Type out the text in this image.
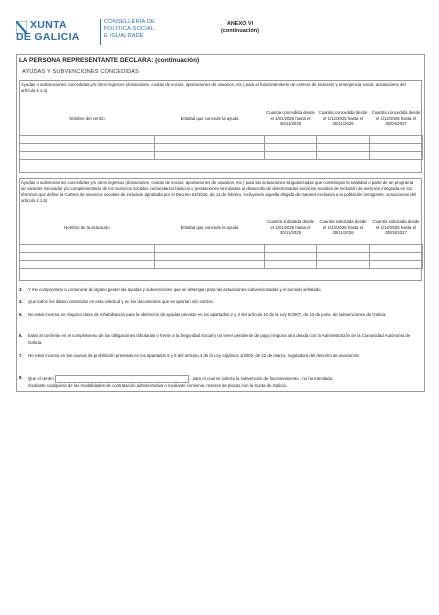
XUNTA
DE GALICIA
CONSELLERÍA DE
POLÍTICA SOCIAL
E IGUALDADE
ANEXO VI
(continuación)
LA PERSONA REPRESENTANTE DECLARA: (continuación)
AYUDAS Y SUBVENCIONES CONCEDIDAS
Ayudas o subvenciones concedidas y/o otros ingresos (donaciones, cuotas de socios, aportaciones de usuarios, etc.) para el funcionamiento de centros de inclusión y emergencia social, actuaciones del artículo 4.1.a)
Nombre del centro	Entidad que concede la ayuda	Cuantía concedida desde el 1/01/2025 hasta el 30/11/2025	Cuantía concedida desde el 1/12/2025 hasta el 30/11/2026	Cuantía concedida desde el 1/12/2026 hasta el 30/04/2027

Ayudas o subvenciones concedidas y/o otros ingresos (donaciones, cuotas de socios, aportaciones de usuarios, etc.) para las actuaciones singularizadas que constituyan la totalidad o parte de un programa de carácter innovador y/o complementario de los servicios sociales comunitarios básicos o prestaciones vinculadas al desarrollo de determinados servicios sociales de inclusión de atención integrada en los términos que define la Cartera de servicios sociales de inclusión aprobada por el Decreto 61/2016, de 11 de febrero, incluyendo aquella dirigida de manera exclusiva a la población inmigrante: actuaciones del artículo 4.1.b)
Nombre de la actuación	Entidad que concede la ayuda	Cuantía solicitada desde el 1/01/2025 hasta el 30/11/2025	Cuantía solicitada desde el 1/12/2025 hasta el 30/11/2026	Cuantía solicitada desde el 1/12/2026 hasta el 30/04/2027

3. Y me comprometo a comunicar al órgano gestor las ayudas y subvenciones que se obtengan para las actuaciones subvencionadas y el periodo señalado.
4. Que todos los datos contenidos en esta solicitud y en los documentos que se aportan son ciertos.
5. No estar incursa en ninguna clase de inhabilitación para la obtención de ayudas previsto en los apartados 2 y 3 del artículo 10 de la Ley 9/2007, de 13 de junio, de subvenciones de Galicia.
6. Estar al corriente en el cumplimiento de las obligaciones tributarias o frente a la Seguridad Social y no tener pendiente de pago ninguna otra deuda con la Administración de la Comunidad Autónoma de Galicia.
7. No estar incursa en las causas de prohibición previstas en los apartados 5 y 6 del artículo 4 de la Ley orgánica 1/2002, de 22 de marzo, reguladora del derecho de asociación.
8. Que el centro	, para el cual se solicita la subvención de funcionamiento , no ha tramitado,
mediante cualquiera de las modalidades de contratación administrativa o mediante convenio, reserva de plazas con la Xunta de Galicia.
